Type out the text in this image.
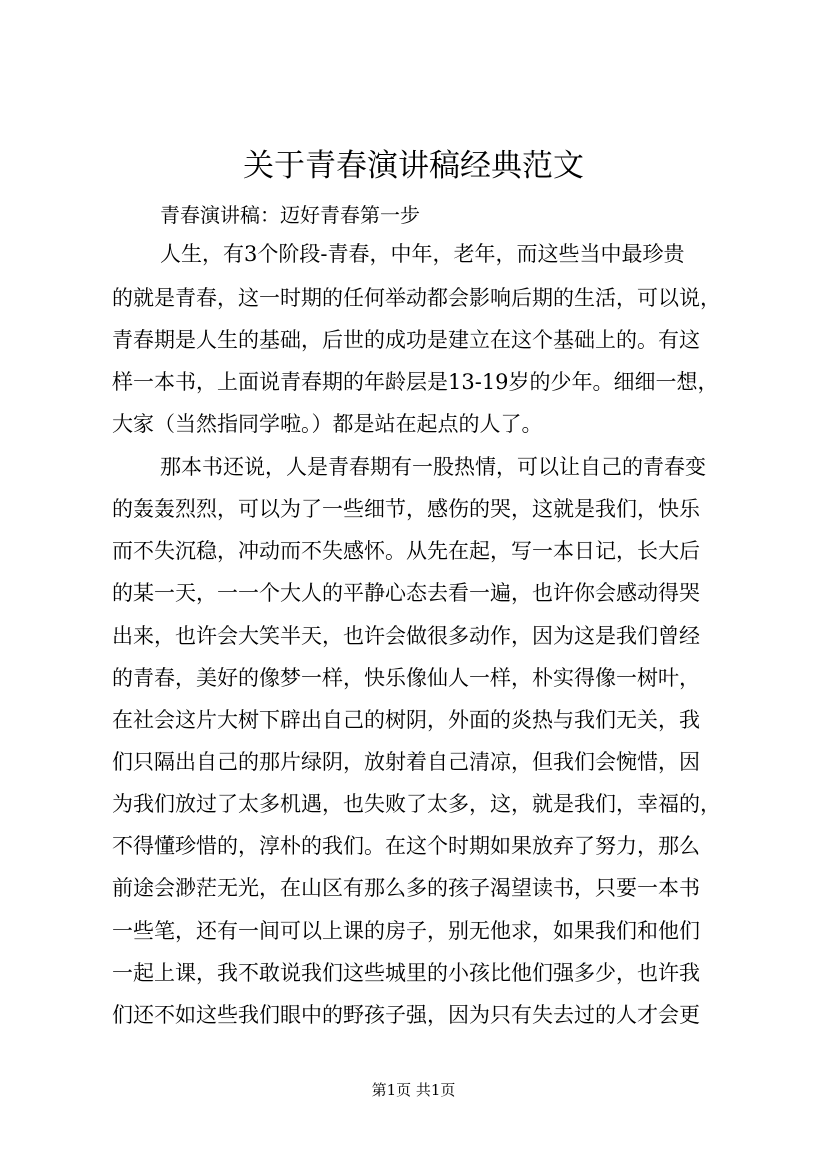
关于青春演讲稿经典范文

青春演讲稿：迈好青春第一步

人生，有3个阶段-青春，中年，老年，而这些当中最珍贵

的就是青春，这一时期的任何举动都会影响后期的生活，可以说，

青春期是人生的基础，后世的成功是建立在这个基础上的。有这

样一本书，上面说青春期的年龄层是13-19岁的少年。细细一想，

大家（当然指同学啦。）都是站在起点的人了。

那本书还说，人是青春期有一股热情，可以让自己的青春变

的轰轰烈烈，可以为了一些细节，感伤的哭，这就是我们，快乐

而不失沉稳，冲动而不失感怀。从先在起，写一本日记，长大后

的某一天，一一个大人的平静心态去看一遍，也许你会感动得哭

出来，也许会大笑半天，也许会做很多动作，因为这是我们曾经

的青春，美好的像梦一样，快乐像仙人一样，朴实得像一树叶，

在社会这片大树下辟出自己的树阴，外面的炎热与我们无关，我

们只隔出自己的那片绿阴，放射着自己清凉，但我们会惋惜，因

为我们放过了太多机遇，也失败了太多，这，就是我们，幸福的，

不得懂珍惜的，淳朴的我们。在这个时期如果放弃了努力，那么

前途会渺茫无光，在山区有那么多的孩子渴望读书，只要一本书

一些笔，还有一间可以上课的房子，别无他求，如果我们和他们

一起上课，我不敢说我们这些城里的小孩比他们强多少，也许我

们还不如这些我们眼中的野孩子强，因为只有失去过的人才会更

第1页 共1页
